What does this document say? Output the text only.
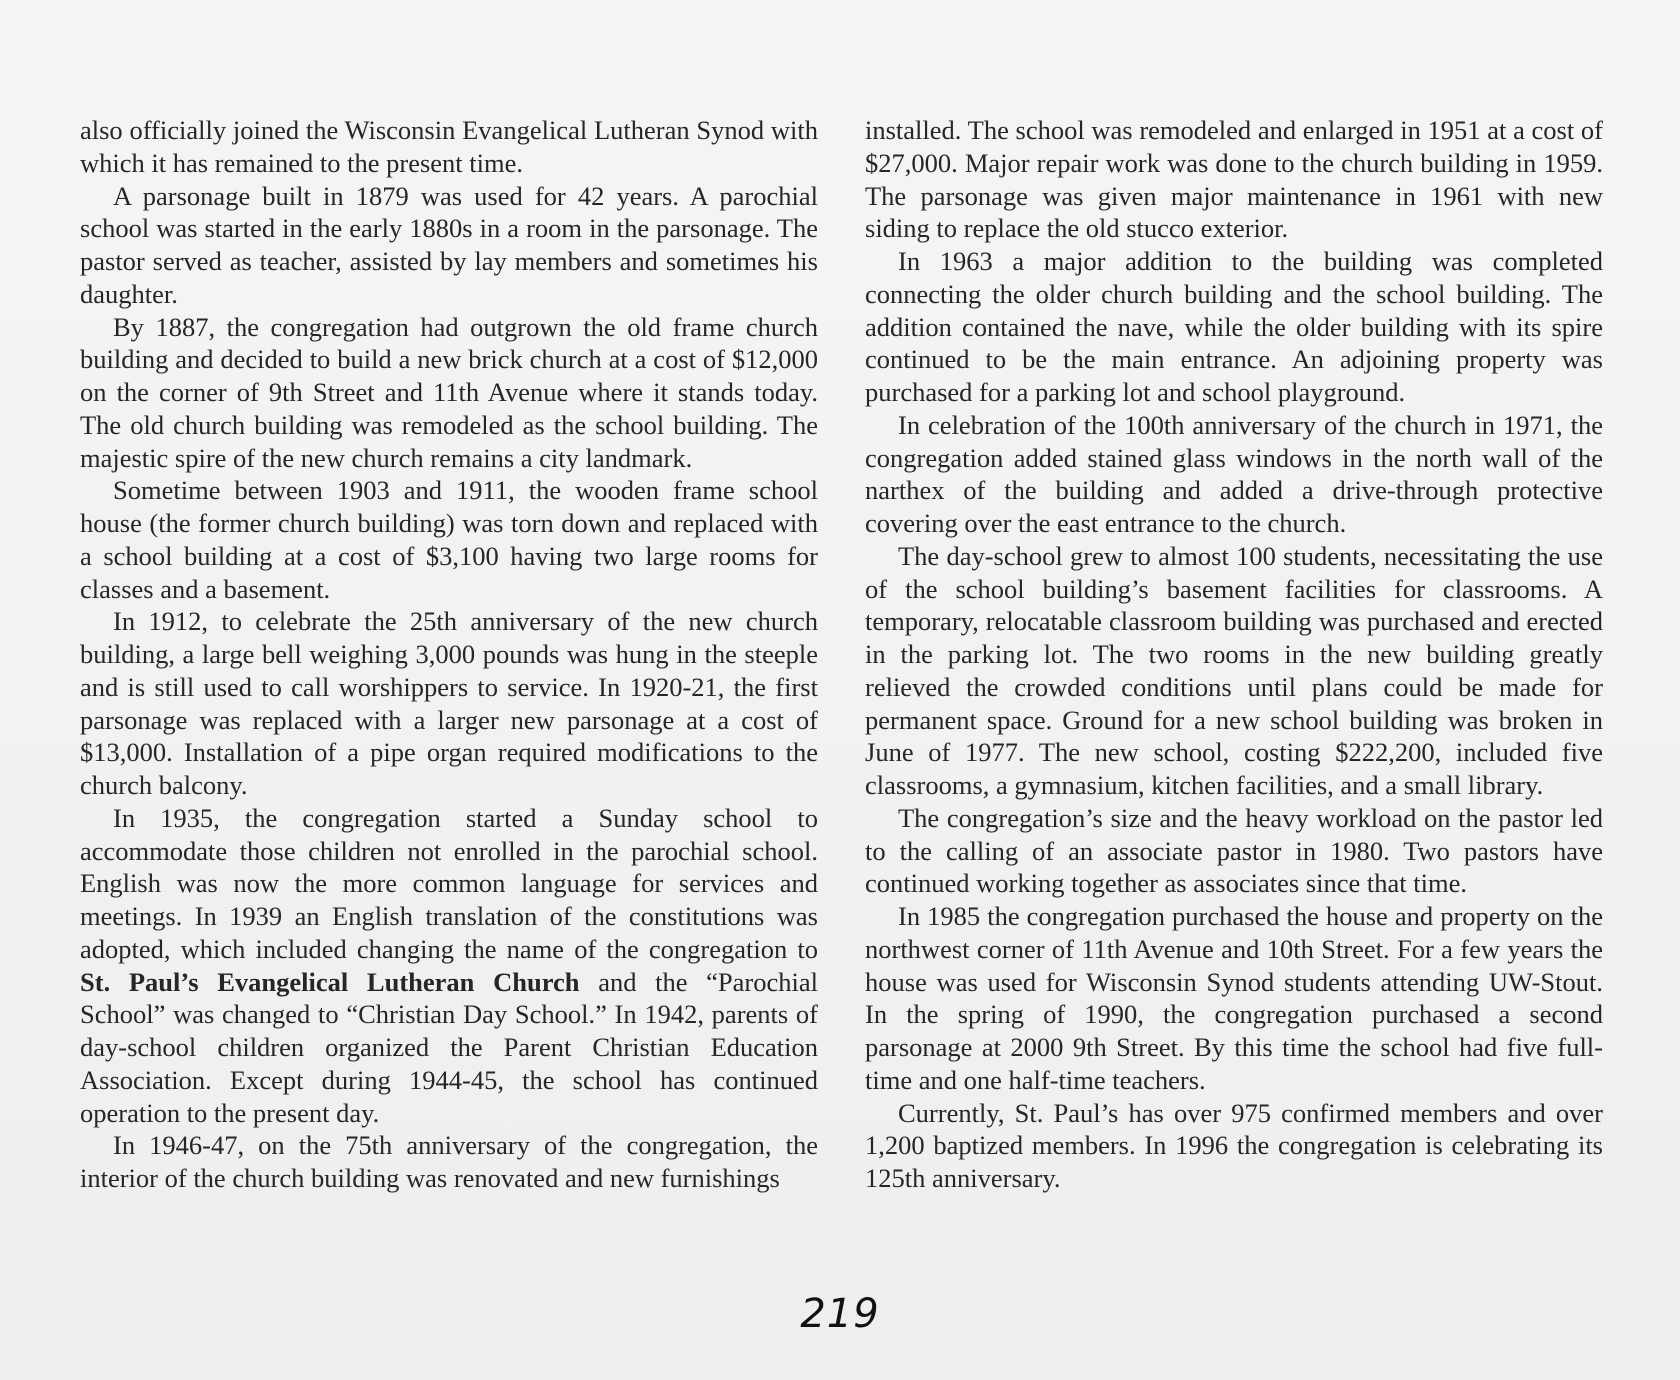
also officially joined the Wisconsin Evangelical Lutheran Synod with which it has remained to the present time.

A parsonage built in 1879 was used for 42 years. A parochial school was started in the early 1880s in a room in the parsonage. The pastor served as teacher, assisted by lay members and sometimes his daughter.

By 1887, the congregation had outgrown the old frame church building and decided to build a new brick church at a cost of $12,000 on the corner of 9th Street and 11th Avenue where it stands today. The old church building was remodeled as the school building. The majestic spire of the new church remains a city landmark.

Sometime between 1903 and 1911, the wooden frame school house (the former church building) was torn down and replaced with a school building at a cost of $3,100 having two large rooms for classes and a basement.

In 1912, to celebrate the 25th anniversary of the new church building, a large bell weighing 3,000 pounds was hung in the steeple and is still used to call worshippers to service. In 1920-21, the first parsonage was replaced with a larger new parsonage at a cost of $13,000. Installation of a pipe organ required modifications to the church balcony.

In 1935, the congregation started a Sunday school to accommodate those children not enrolled in the parochial school. English was now the more common language for services and meetings. In 1939 an English translation of the constitutions was adopted, which included changing the name of the congregation to St. Paul’s Evangelical Lutheran Church and the “Parochial School” was changed to “Christian Day School.” In 1942, parents of day-school children organized the Parent Christian Education Association. Except during 1944-45, the school has continued operation to the present day.

In 1946-47, on the 75th anniversary of the congregation, the interior of the church building was renovated and new furnishings

installed. The school was remodeled and enlarged in 1951 at a cost of $27,000. Major repair work was done to the church building in 1959. The parsonage was given major maintenance in 1961 with new siding to replace the old stucco exterior.

In 1963 a major addition to the building was completed connecting the older church building and the school building. The addition contained the nave, while the older building with its spire continued to be the main entrance. An adjoining property was purchased for a parking lot and school playground.

In celebration of the 100th anniversary of the church in 1971, the congregation added stained glass windows in the north wall of the narthex of the building and added a drive-through protective covering over the east entrance to the church.

The day-school grew to almost 100 students, necessitating the use of the school building’s basement facilities for classrooms. A temporary, relocatable classroom building was purchased and erected in the parking lot. The two rooms in the new building greatly relieved the crowded conditions until plans could be made for permanent space. Ground for a new school building was broken in June of 1977. The new school, costing $222,200, included five classrooms, a gymnasium, kitchen facilities, and a small library.

The congregation’s size and the heavy workload on the pastor led to the calling of an associate pastor in 1980. Two pastors have continued working together as associates since that time.

In 1985 the congregation purchased the house and property on the northwest corner of 11th Avenue and 10th Street. For a few years the house was used for Wisconsin Synod students attending UW-Stout. In the spring of 1990, the congregation purchased a second parsonage at 2000 9th Street. By this time the school had five full-time and one half-time teachers.

Currently, St. Paul’s has over 975 confirmed members and over 1,200 baptized members. In 1996 the congregation is celebrating its 125th anniversary.

219
